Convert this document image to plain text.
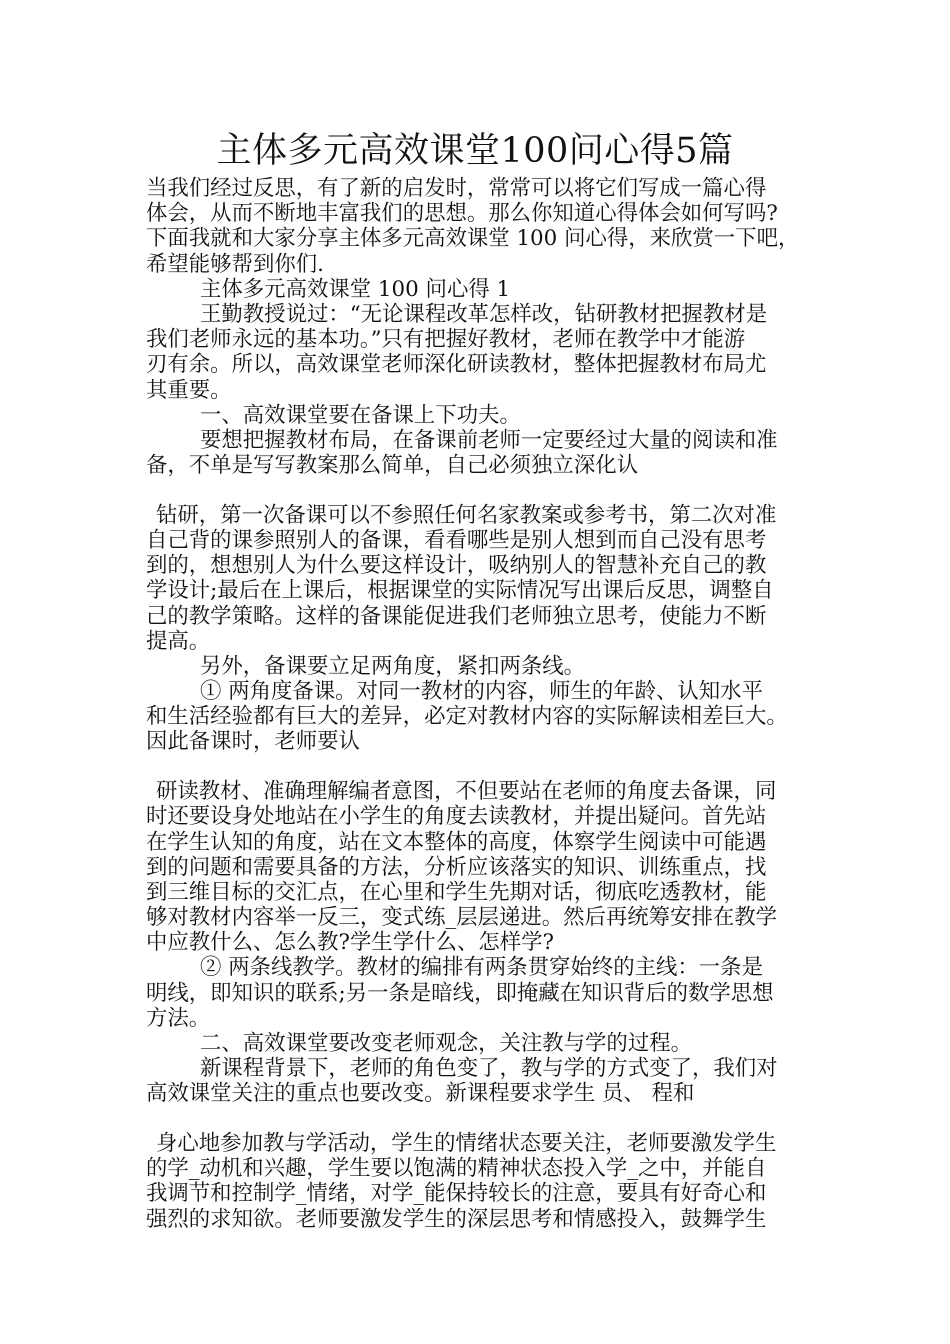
主体多元高效课堂100问心得5篇
当我们经过反思，有了新的启发时，常常可以将它们写成一篇心得
体会，从而不断地丰富我们的思想。那么你知道心得体会如何写吗?
下面我就和大家分享主体多元高效课堂 100 问心得，来欣赏一下吧，
希望能够帮到你们.
主体多元高效课堂 100 问心得 1
王勤教授说过：“无论课程改革怎样改，钻研教材把握教材是
我们老师永远的基本功。”只有把握好教材，老师在教学中才能游
刃有余。所以，高效课堂老师深化研读教材，整体把握教材布局尤
其重要。
一、高效课堂要在备课上下功夫。
要想把握教材布局，在备课前老师一定要经过大量的阅读和准
备，不单是写写教案那么简单，自己必须独立深化认
钻研，第一次备课可以不参照任何名家教案或参考书，第二次对准
自己背的课参照别人的备课，看看哪些是别人想到而自己没有思考
到的，想想别人为什么要这样设计，吸纳别人的智慧补充自己的教
学设计;最后在上课后，根据课堂的实际情况写出课后反思，调整自
己的教学策略。这样的备课能促进我们老师独立思考，使能力不断
提高。
另外，备课要立足两角度，紧扣两条线。
① 两角度备课。对同一教材的内容，师生的年龄、认知水平
和生活经验都有巨大的差异，必定对教材内容的实际解读相差巨大。
因此备课时，老师要认
研读教材、准确理解编者意图，不但要站在老师的角度去备课，同
时还要设身处地站在小学生的角度去读教材，并提出疑问。首先站
在学生认知的角度，站在文本整体的高度，体察学生阅读中可能遇
到的问题和需要具备的方法，分析应该落实的知识、训练重点，找
到三维目标的交汇点，在心里和学生先期对话，彻底吃透教材，能
够对教材内容举一反三，变式练_层层递进。然后再统筹安排在教学
中应教什么、怎么教?学生学什么、怎样学?
② 两条线教学。教材的编排有两条贯穿始终的主线：一条是
明线，即知识的联系;另一条是暗线，即掩藏在知识背后的数学思想
方法。
二、高效课堂要改变老师观念，关注教与学的过程。
新课程背景下，老师的角色变了，教与学的方式变了，我们对
高效课堂关注的重点也要改变。新课程要求学生 员、 程和
身心地参加教与学活动，学生的情绪状态要关注，老师要激发学生
的学_动机和兴趣，学生要以饱满的精神状态投入学_之中，并能自
我调节和控制学_情绪，对学_能保持较长的注意，要具有好奇心和
强烈的求知欲。老师要激发学生的深层思考和情感投入，鼓舞学生
